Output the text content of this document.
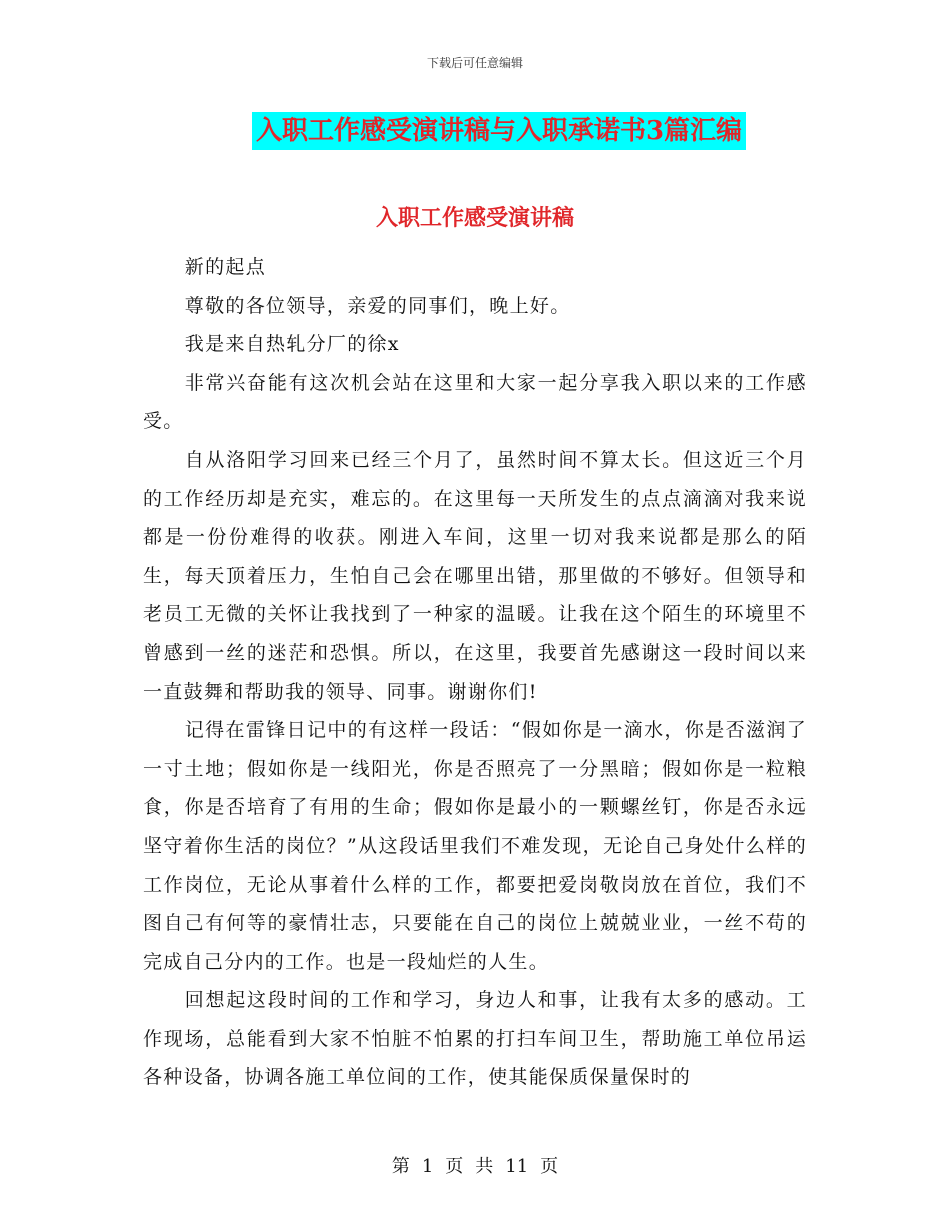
下载后可任意编辑
入职工作感受演讲稿与入职承诺书3篇汇编
入职工作感受演讲稿

新的起点

尊敬的各位领导，亲爱的同事们，晚上好。

我是来自热轧分厂的徐x

非常兴奋能有这次机会站在这里和大家一起分享我入职以来的工作感受。

自从洛阳学习回来已经三个月了，虽然时间不算太长。但这近三个月的工作经历却是充实，难忘的。在这里每一天所发生的点点滴滴对我来说都是一份份难得的收获。刚进入车间，这里一切对我来说都是那么的陌生，每天顶着压力，生怕自己会在哪里出错，那里做的不够好。但领导和老员工无微的关怀让我找到了一种家的温暖。让我在这个陌生的环境里不曾感到一丝的迷茫和恐惧。所以，在这里，我要首先感谢这一段时间以来一直鼓舞和帮助我的领导、同事。谢谢你们!

记得在雷锋日记中的有这样一段话：“假如你是一滴水，你是否滋润了一寸土地；假如你是一线阳光，你是否照亮了一分黑暗；假如你是一粒粮食，你是否培育了有用的生命；假如你是最小的一颗螺丝钉，你是否永远坚守着你生活的岗位？”从这段话里我们不难发现，无论自己身处什么样的工作岗位，无论从事着什么样的工作，都要把爱岗敬岗放在首位，我们不图自己有何等的豪情壮志，只要能在自己的岗位上兢兢业业，一丝不苟的完成自己分内的工作。也是一段灿烂的人生。

回想起这段时间的工作和学习，身边人和事，让我有太多的感动。工作现场，总能看到大家不怕脏不怕累的打扫车间卫生，帮助施工单位吊运各种设备，协调各施工单位间的工作，使其能保质保量保时的

第 1 页 共 11 页
